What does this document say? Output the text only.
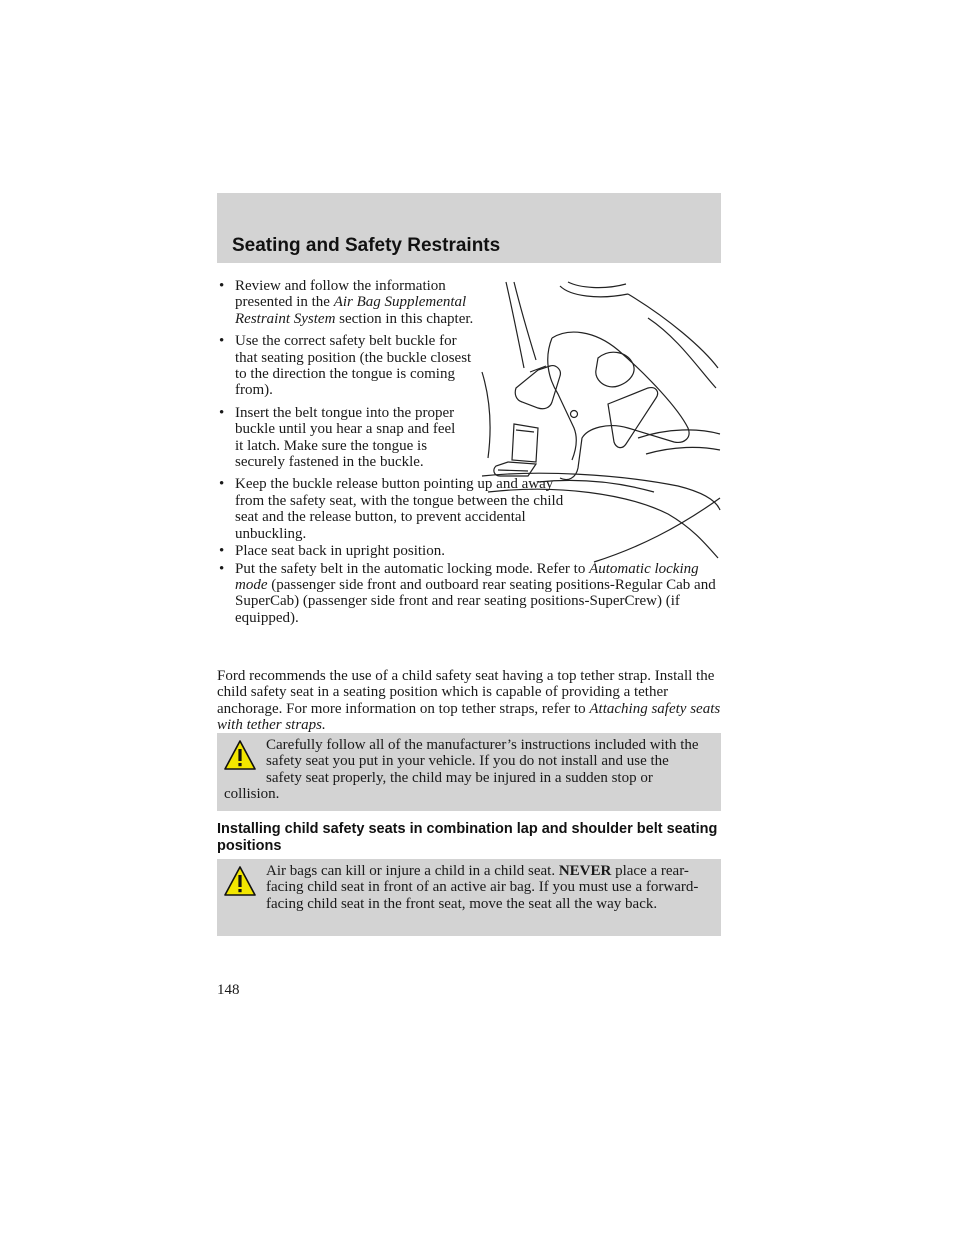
Seating and Safety Restraints
• Review and follow the information presented in the Air Bag Supplemental Restraint System section in this chapter.
• Use the correct safety belt buckle for that seating position (the buckle closest to the direction the tongue is coming from).
• Insert the belt tongue into the proper buckle until you hear a snap and feel it latch. Make sure the tongue is securely fastened in the buckle.
• Keep the buckle release button pointing up and away from the safety seat, with the tongue between the child seat and the release button, to prevent accidental unbuckling.
• Place seat back in upright position.
• Put the safety belt in the automatic locking mode. Refer to Automatic locking mode (passenger side front and outboard rear seating positions-Regular Cab and SuperCab) (passenger side front and rear seating positions-SuperCrew) (if equipped).

Ford recommends the use of a child safety seat having a top tether strap. Install the child safety seat in a seating position which is capable of providing a tether anchorage. For more information on top tether straps, refer to Attaching safety seats with tether straps.

Carefully follow all of the manufacturer’s instructions included with the safety seat you put in your vehicle. If you do not install and use the safety seat properly, the child may be injured in a sudden stop or collision.

Installing child safety seats in combination lap and shoulder belt seating positions

Air bags can kill or injure a child in a child seat. NEVER place a rear-facing child seat in front of an active air bag. If you must use a forward-facing child seat in the front seat, move the seat all the way back.

148
